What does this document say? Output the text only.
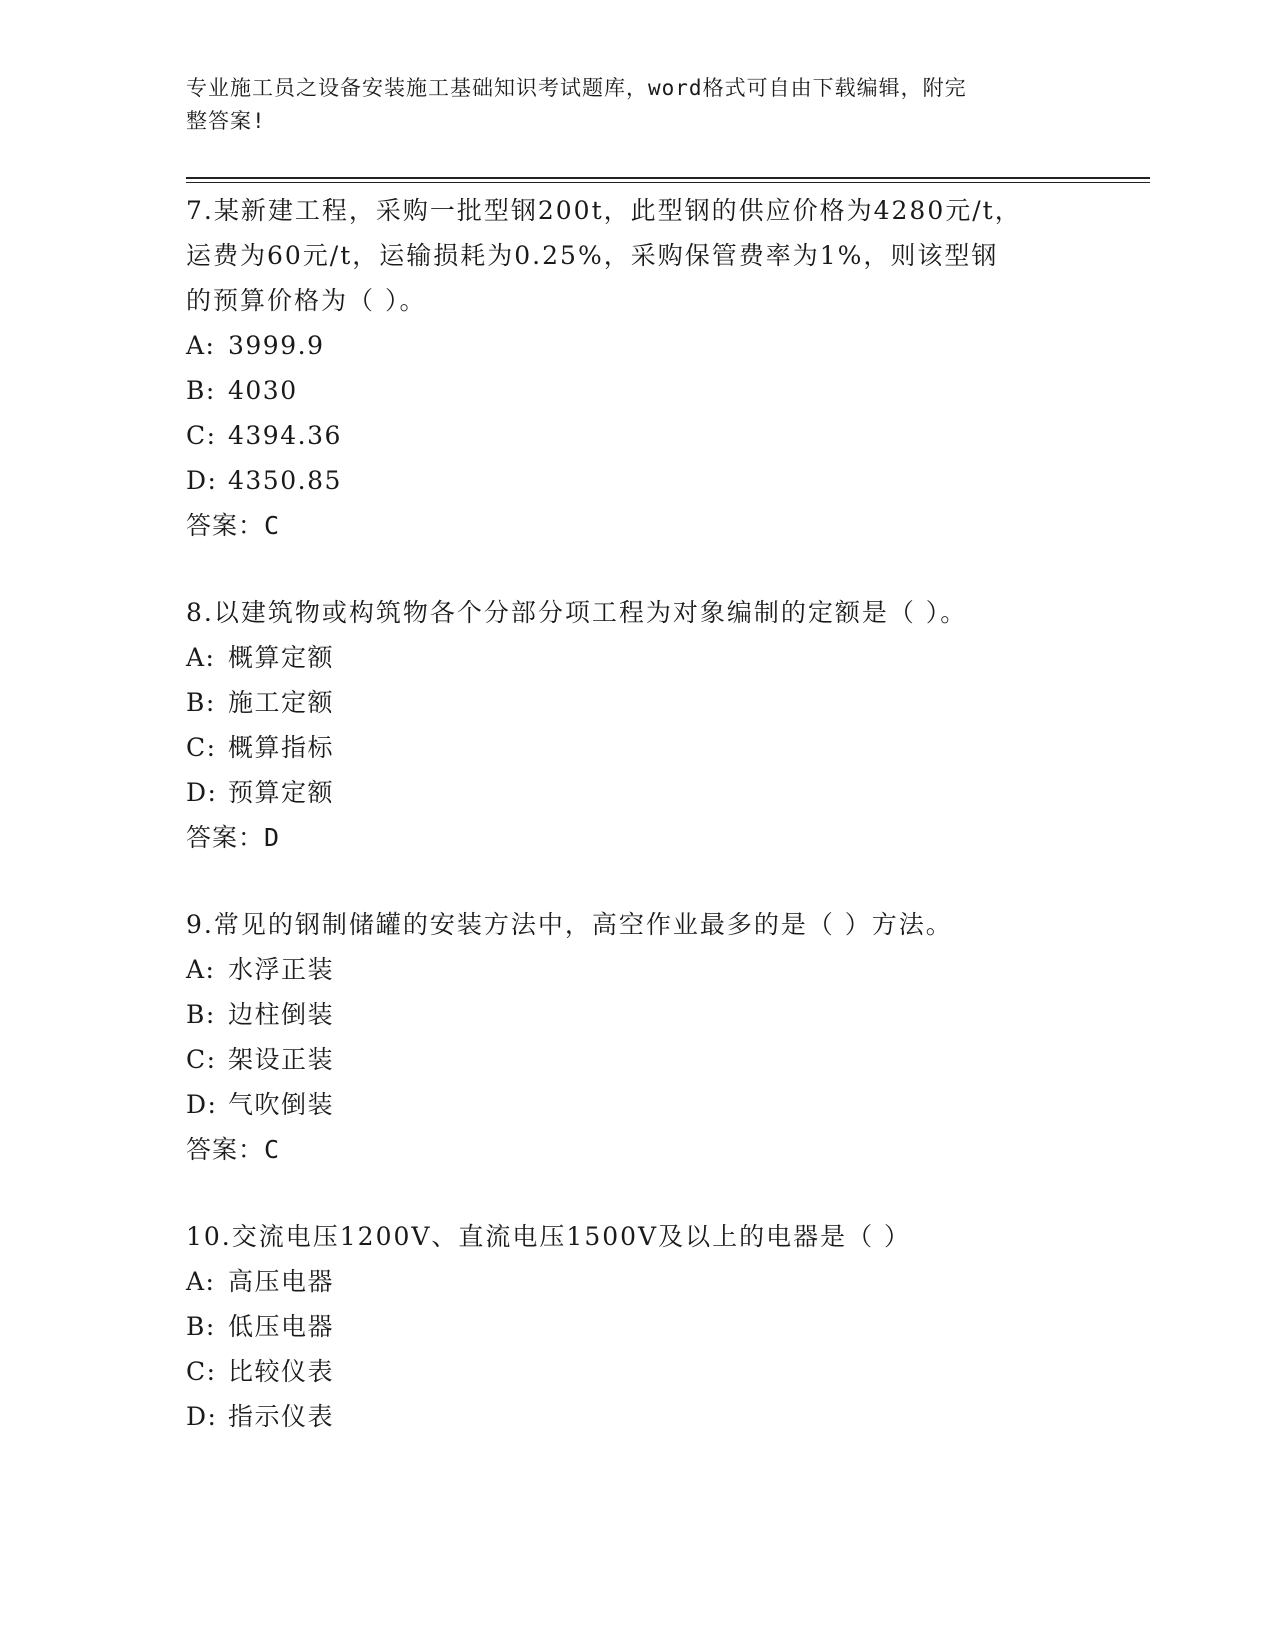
专业施工员之设备安装施工基础知识考试题库，word格式可自由下载编辑，附完
整答案!

7.某新建工程，采购一批型钢200t，此型钢的供应价格为4280元/t，

运费为60元/t，运输损耗为0.25%，采购保管费率为1%，则该型钢

的预算价格为（ ）。

A: 3999.9

B: 4030

C: 4394.36

D: 4350.85

答案：C

8.以建筑物或构筑物各个分部分项工程为对象编制的定额是（ ）。

A: 概算定额

B: 施工定额

C: 概算指标

D: 预算定额

答案：D

9.常见的钢制储罐的安装方法中，高空作业最多的是（ ）方法。

A: 水浮正装

B: 边柱倒装

C: 架设正装

D: 气吹倒装

答案：C

10.交流电压1200V、直流电压1500V及以上的电器是（ ）

A: 高压电器

B: 低压电器

C: 比较仪表

D: 指示仪表
